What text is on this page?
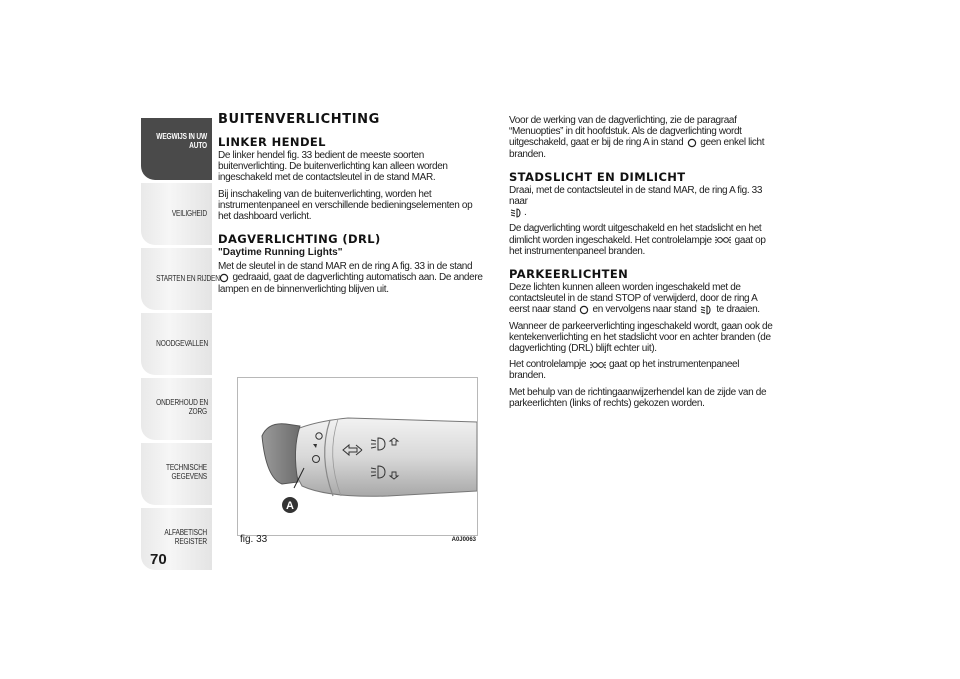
WEGWIJS IN UW
AUTO
VEILIGHEID
STARTEN EN RIJDEN
NOODGEVALLEN
ONDERHOUD EN
ZORG
TECHNISCHE
GEGEVENS
ALFABETISCH
REGISTER
70
BUITENVERLICHTING
LINKER HENDEL

De linker hendel fig. 33 bedient de meeste soorten buitenverlichting. De buitenverlichting kan alleen worden ingeschakeld met de contactsleutel in de stand MAR.

Bij inschakeling van de buitenverlichting, worden het instrumentenpaneel en verschillende bedieningselementen op het dashboard verlicht.

DAGVERLICHTING (DRL)
"Daytime Running Lights"

Met de sleutel in de stand MAR en de ring A fig. 33 in de stand  gedraaid, gaat de dagverlichting automatisch aan. De andere lampen en de binnenverlichting blijven uit.

Voor de werking van de dagverlichting, zie de paragraaf “Menuopties” in dit hoofdstuk. Als de dagverlichting wordt uitgeschakeld, gaat er bij de ring A in stand geen enkel licht branden.

STADSLICHT EN DIMLICHT

Draai, met de contactsleutel in de stand MAR, de ring A fig. 33 naar
.

De dagverlichting wordt uitgeschakeld en het stadslicht en het dimlicht worden ingeschakeld. Het controlelampje gaat op het instrumentenpaneel branden.

PARKEERLICHTEN

Deze lichten kunnen alleen worden ingeschakeld met de contactsleutel in de stand STOP of verwijderd, door de ring A eerst naar stand en vervolgens naar stand te draaien.

Wanneer de parkeerverlichting ingeschakeld wordt, gaan ook de kentekenverlichting en het stadslicht voor en achter branden (de dagverlichting (DRL) blijft echter uit).

Het controlelampje gaat op het instrumentenpaneel branden.

Met behulp van de richtingaanwijzerhendel kan de zijde van de parkeerlichten (links of rechts) gekozen worden.

A
fig. 33	A0J0063
